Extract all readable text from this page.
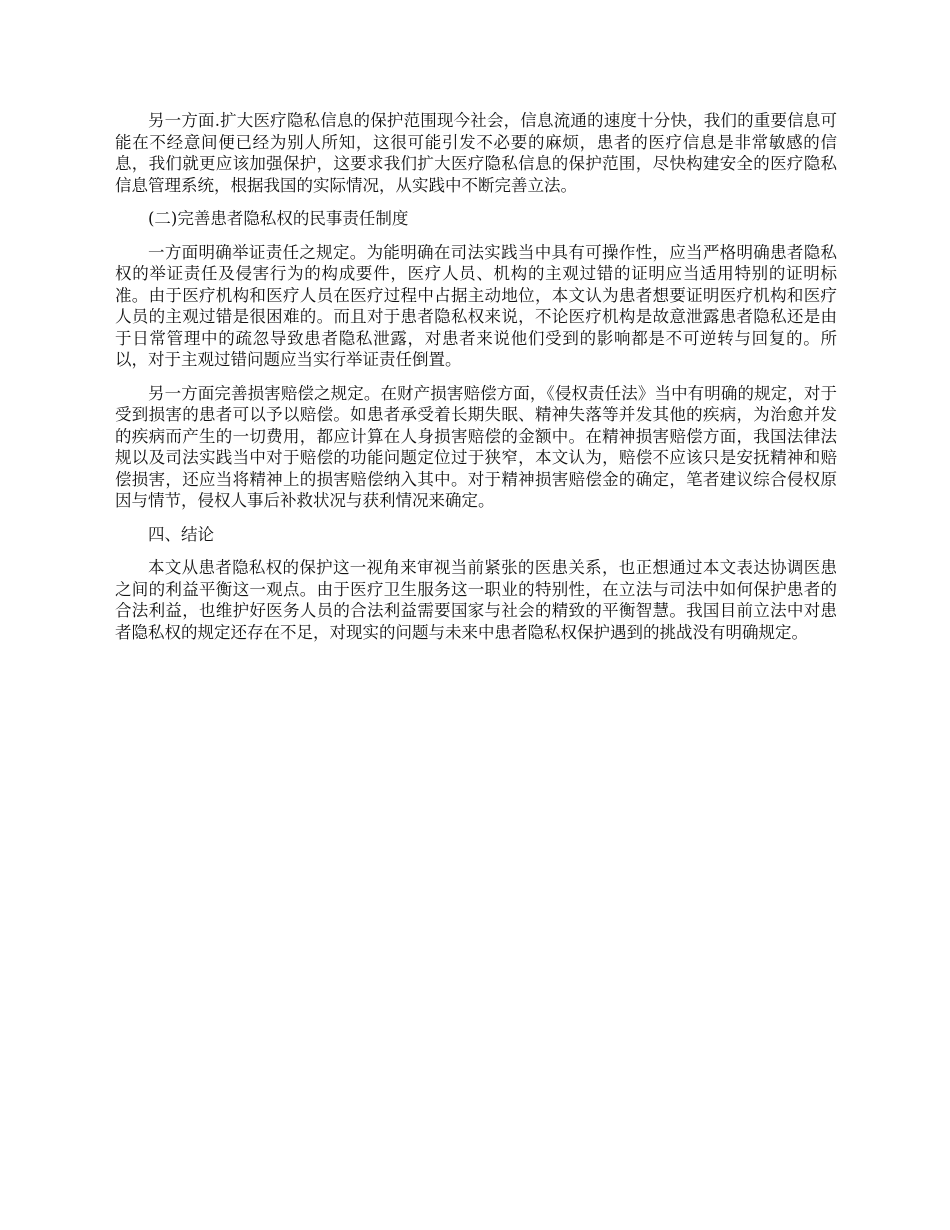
另一方面.扩大医疗隐私信息的保护范围现今社会，信息流通的速度十分快，我们的重要信息可能在不经意间便已经为别人所知，这很可能引发不必要的麻烦，患者的医疗信息是非常敏感的信息，我们就更应该加强保护，这要求我们扩大医疗隐私信息的保护范围，尽快构建安全的医疗隐私信息管理系统，根据我国的实际情况，从实践中不断完善立法。

(二)完善患者隐私权的民事责任制度

一方面明确举证责任之规定。为能明确在司法实践当中具有可操作性，应当严格明确患者隐私权的举证责任及侵害行为的构成要件，医疗人员、机构的主观过错的证明应当适用特别的证明标准。由于医疗机构和医疗人员在医疗过程中占据主动地位，本文认为患者想要证明医疗机构和医疗人员的主观过错是很困难的。而且对于患者隐私权来说，不论医疗机构是故意泄露患者隐私还是由于日常管理中的疏忽导致患者隐私泄露，对患者来说他们受到的影响都是不可逆转与回复的。所以，对于主观过错问题应当实行举证责任倒置。

另一方面完善损害赔偿之规定。在财产损害赔偿方面，《侵权责任法》当中有明确的规定，对于受到损害的患者可以予以赔偿。如患者承受着长期失眠、精神失落等并发其他的疾病，为治愈并发的疾病而产生的一切费用，都应计算在人身损害赔偿的金额中。在精神损害赔偿方面，我国法律法规以及司法实践当中对于赔偿的功能问题定位过于狭窄，本文认为，赔偿不应该只是安抚精神和赔偿损害，还应当将精神上的损害赔偿纳入其中。对于精神损害赔偿金的确定，笔者建议综合侵权原因与情节，侵权人事后补救状况与获利情况来确定。

四、结论

本文从患者隐私权的保护这一视角来审视当前紧张的医患关系，也正想通过本文表达协调医患之间的利益平衡这一观点。由于医疗卫生服务这一职业的特别性，在立法与司法中如何保护患者的合法利益，也维护好医务人员的合法利益需要国家与社会的精致的平衡智慧。我国目前立法中对患者隐私权的规定还存在不足，对现实的问题与未来中患者隐私权保护遇到的挑战没有明确规定。
